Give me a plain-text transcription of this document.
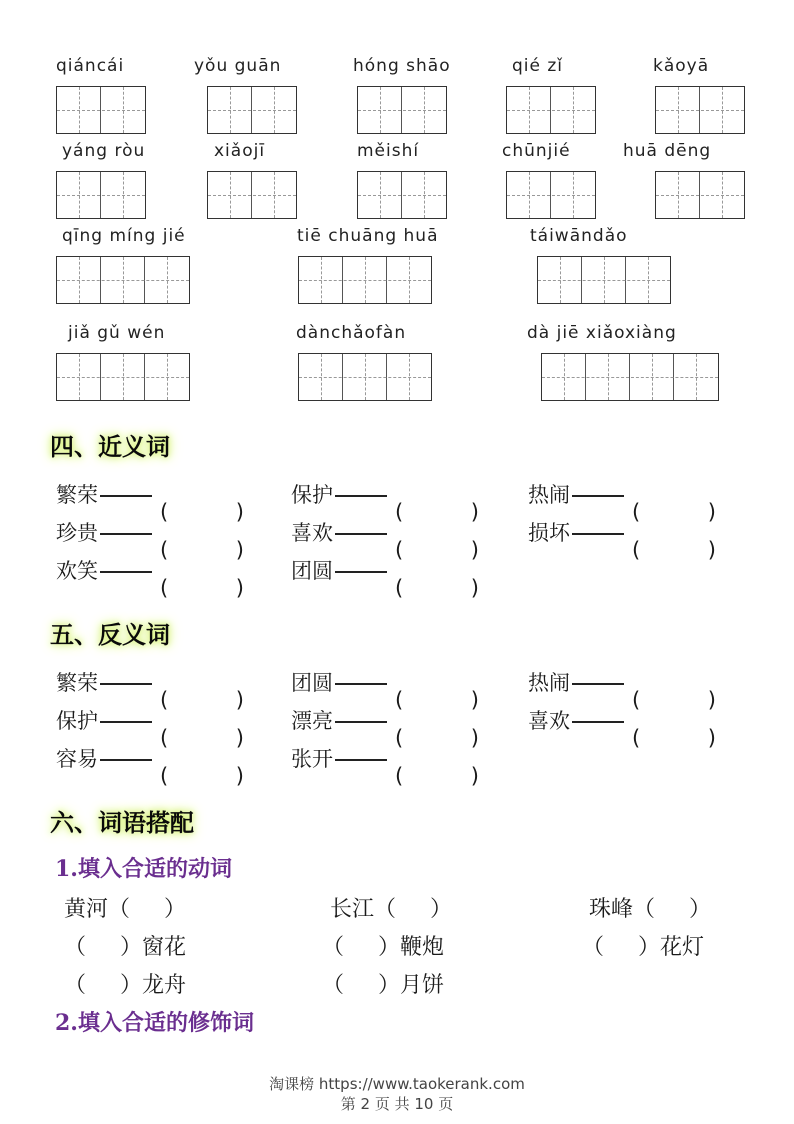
qiáncái	yǒu guān	hóng shāo	qié zǐ	kǎoyā
yáng ròu	xiǎojī	měishí	chūnjié	huā dēng
qīng míng jié	tiē chuāng huā	táiwāndǎo
jiǎ gǔ wén	dànchǎofàn	dà jiē xiǎoxiàng
四、近义词
繁荣	保护	热闹
珍贵	喜欢	损坏
欢笑	团圆
五、反义词
繁荣	团圆	热闹
保护	漂亮	喜欢
容易	张开
六、词语搭配
1.填入合适的动词
黄河（ ）	长江（ ）	珠峰（ ）
（ ）窗花	（ ）鞭炮	（ ）花灯
（ ）龙舟	（ ）月饼
2.填入合适的修饰词
淘课榜 https://www.taokerank.com
第 2 页 共 10 页
